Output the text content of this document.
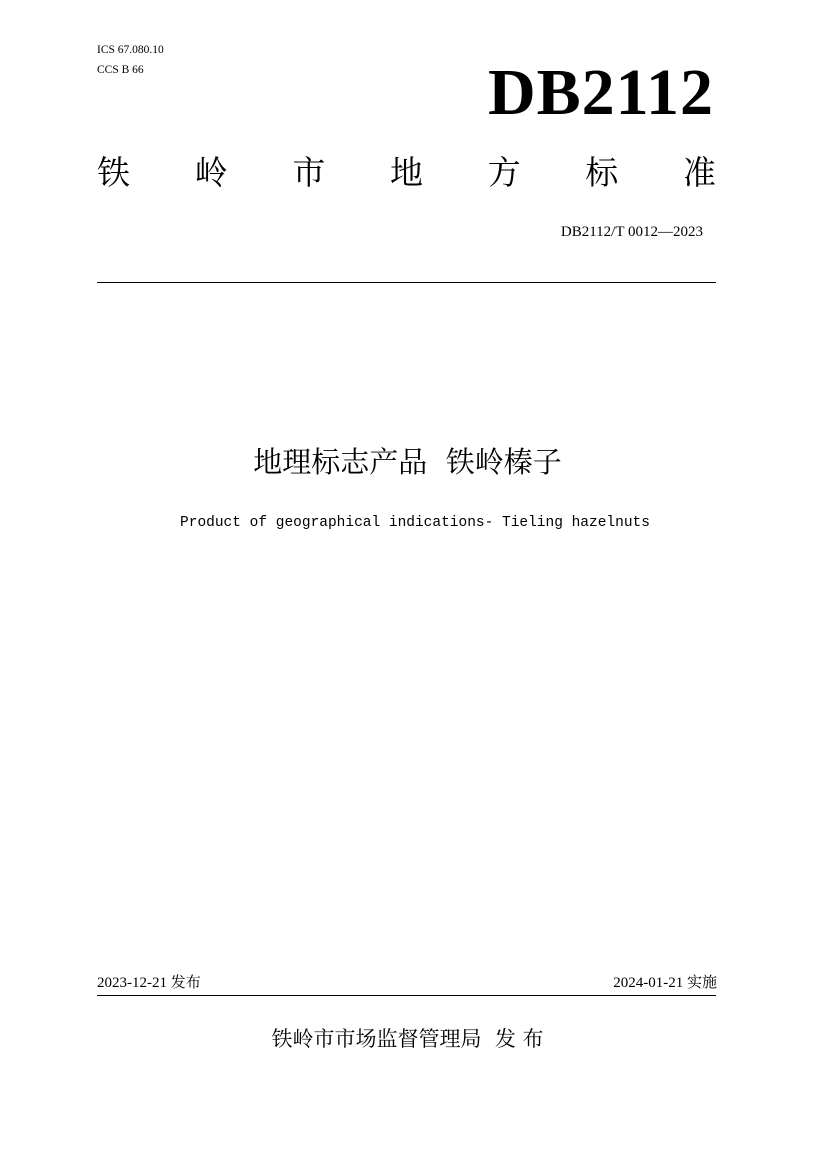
ICS 67.080.10
CCS B 66	DB2112
铁 岭 市 地 方 标 准
DB2112/T 0012—2023
地理标志产品  铁岭榛子
Product of geographical indications- Tieling hazelnuts
2023-12-21 发布	2024-01-21 实施
铁岭市市场监督管理局  发 布
